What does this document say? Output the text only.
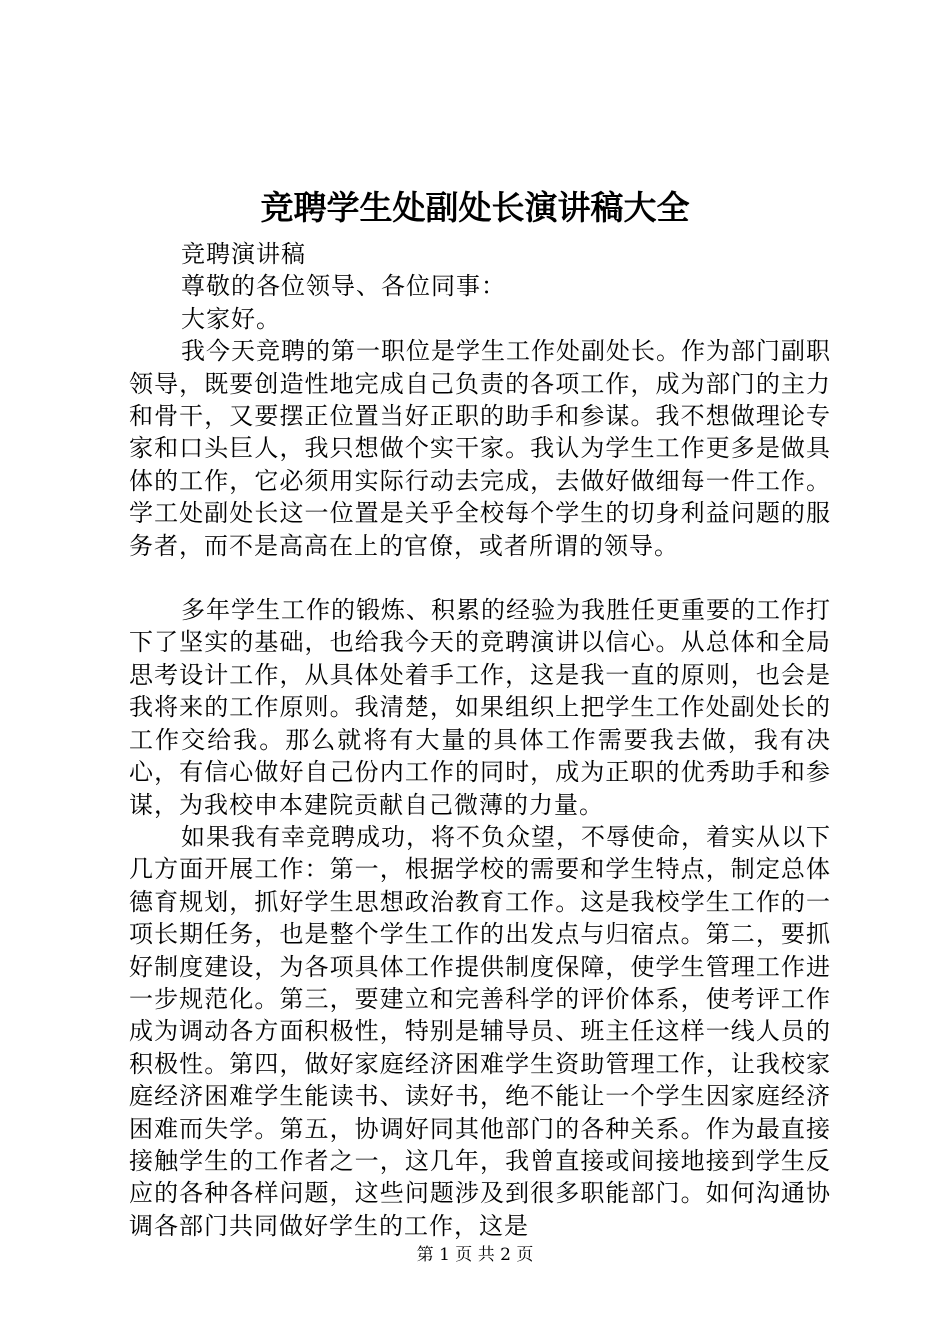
竞聘学生处副处长演讲稿大全

竞聘演讲稿

尊敬的各位领导、各位同事：

大家好。

我今天竞聘的第一职位是学生工作处副处长。作为部门副职领导，既要创造性地完成自己负责的各项工作，成为部门的主力和骨干，又要摆正位置当好正职的助手和参谋。我不想做理论专家和口头巨人，我只想做个实干家。我认为学生工作更多是做具体的工作，它必须用实际行动去完成，去做好做细每一件工作。学工处副处长这一位置是关乎全校每个学生的切身利益问题的服务者，而不是高高在上的官僚，或者所谓的领导。

多年学生工作的锻炼、积累的经验为我胜任更重要的工作打下了坚实的基础，也给我今天的竞聘演讲以信心。从总体和全局思考设计工作，从具体处着手工作，这是我一直的原则，也会是我将来的工作原则。我清楚，如果组织上把学生工作处副处长的工作交给我。那么就将有大量的具体工作需要我去做，我有决心，有信心做好自己份内工作的同时，成为正职的优秀助手和参谋，为我校申本建院贡献自己微薄的力量。

如果我有幸竞聘成功，将不负众望，不辱使命，着实从以下几方面开展工作：第一，根据学校的需要和学生特点，制定总体德育规划，抓好学生思想政治教育工作。这是我校学生工作的一项长期任务，也是整个学生工作的出发点与归宿点。第二，要抓好制度建设，为各项具体工作提供制度保障，使学生管理工作进一步规范化。第三，要建立和完善科学的评价体系，使考评工作成为调动各方面积极性，特别是辅导员、班主任这样一线人员的积极性。第四，做好家庭经济困难学生资助管理工作，让我校家庭经济困难学生能读书、读好书，绝不能让一个学生因家庭经济困难而失学。第五，协调好同其他部门的各种关系。作为最直接接触学生的工作者之一，这几年，我曾直接或间接地接到学生反应的各种各样问题，这些问题涉及到很多职能部门。如何沟通协调各部门共同做好学生的工作，这是

第 1 页 共 2 页
